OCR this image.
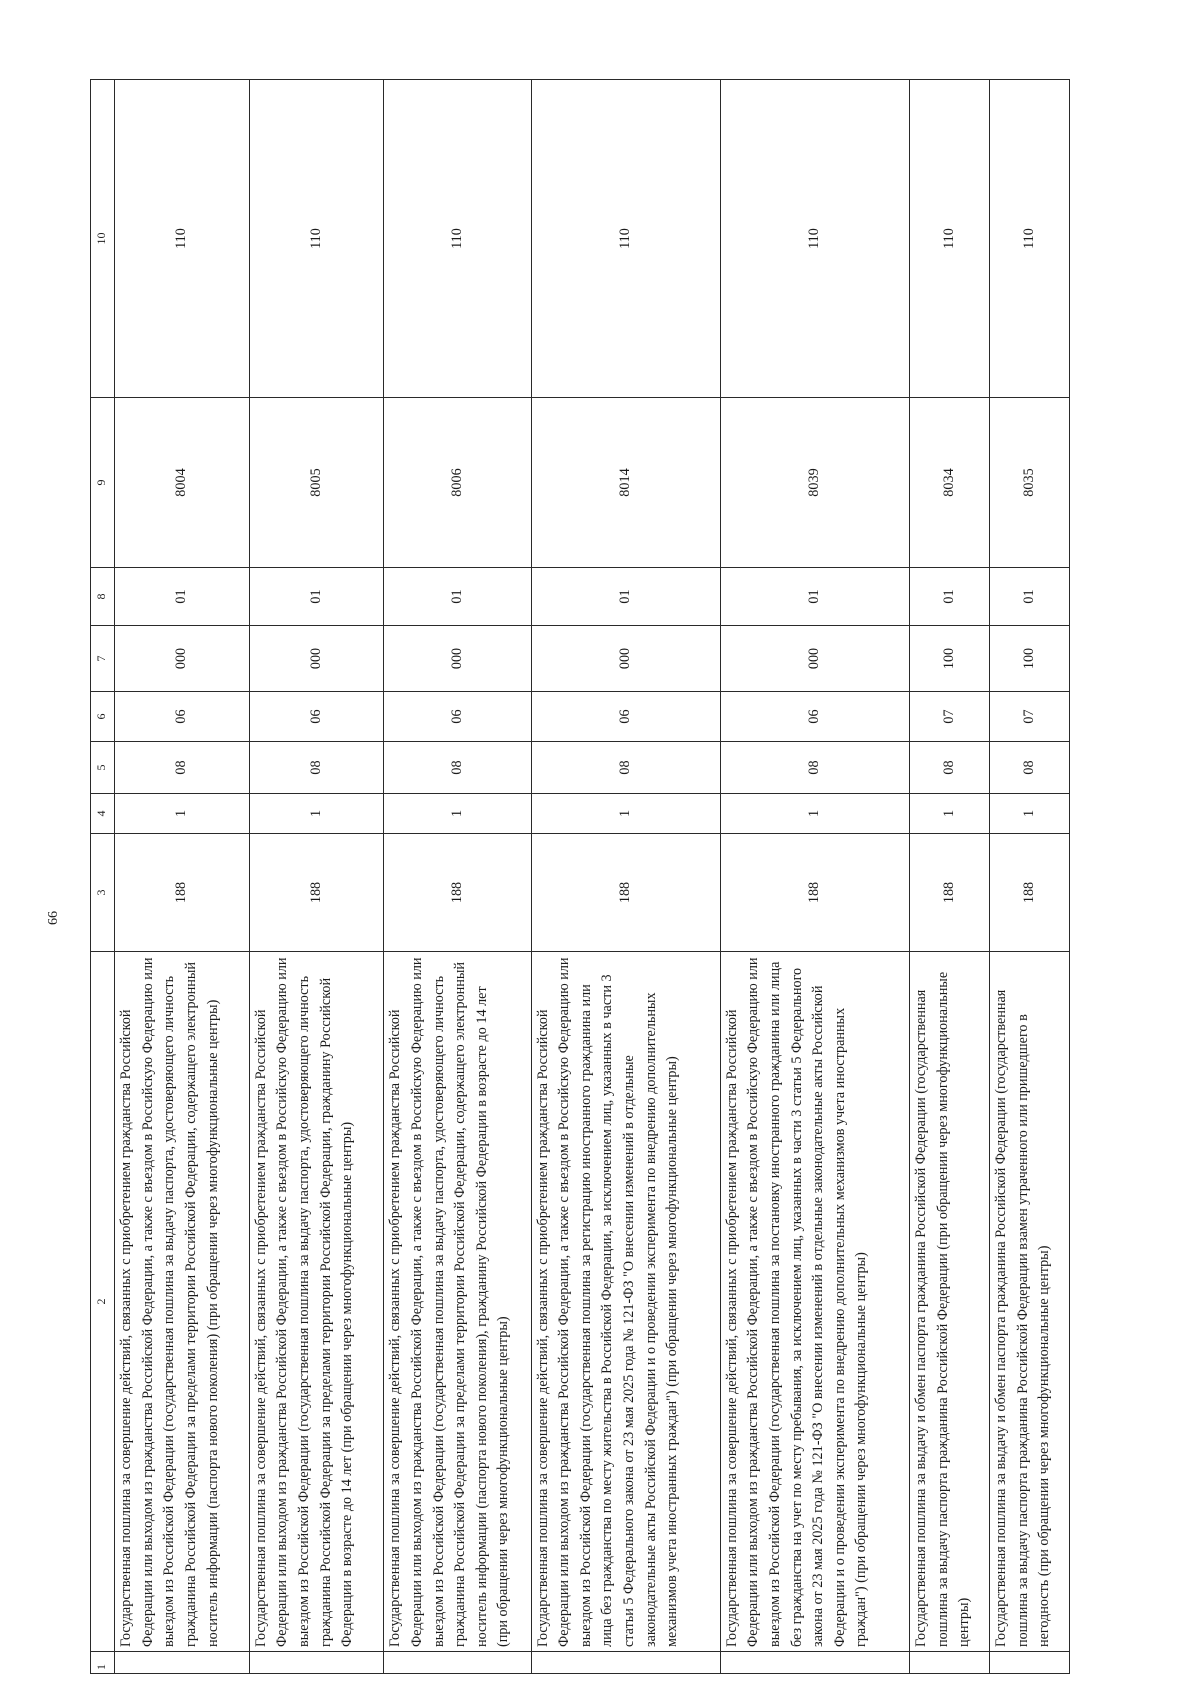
66
1	2	3	4	5	6	7	8	9	10

	Государственная пошлина за совершение действий, связанных с приобретением гражданства Российской Федерации или выходом из гражданства Российской Федерации, а также с въездом в Российскую Федерацию или выездом из Российской Федерации (государственная пошлина за выдачу паспорта, удостоверяющего личность гражданина Российской Федерации за пределами территории Российской Федерации, содержащего электронный носитель информации (паспорта нового поколения) (при обращении через многофункциональные центры)	188	1	08	06	000	01	8004	110

	Государственная пошлина за совершение действий, связанных с приобретением гражданства Российской Федерации или выходом из гражданства Российской Федерации, а также с въездом в Российскую Федерацию или выездом из Российской Федерации (государственная пошлина за выдачу паспорта, удостоверяющего личность гражданина Российской Федерации за пределами территории Российской Федерации, гражданину Российской Федерации в возрасте до 14 лет (при обращении через многофункциональные центры)	188	1	08	06	000	01	8005	110

	Государственная пошлина за совершение действий, связанных с приобретением гражданства Российской Федерации или выходом из гражданства Российской Федерации, а также с въездом в Российскую Федерацию или выездом из Российской Федерации (государственная пошлина за выдачу паспорта, удостоверяющего личность гражданина Российской Федерации за пределами территории Российской Федерации, содержащего электронный носитель информации (паспорта нового поколения), гражданину Российской Федерации в возрасте до 14 лет (при обращении через многофункциональные центры)	188	1	08	06	000	01	8006	110

	Государственная пошлина за совершение действий, связанных с приобретением гражданства Российской Федерации или выходом из гражданства Российской Федерации, а также с въездом в Российскую Федерацию или выездом из Российской Федерации (государственная пошлина за регистрацию иностранного гражданина или лица без гражданства по месту жительства в Российской Федерации, за исключением лиц, указанных в части 3 статьи 5 Федерального закона от 23 мая 2025 года № 121-ФЗ "О внесении изменений в отдельные законодательные акты Российской Федерации и о проведении эксперимента по внедрению дополнительных механизмов учета иностранных граждан") (при обращении через многофункциональные центры)	188	1	08	06	000	01	8014	110

	Государственная пошлина за совершение действий, связанных с приобретением гражданства Российской Федерации или выходом из гражданства Российской Федерации, а также с въездом в Российскую Федерацию или выездом из Российской Федерации (государственная пошлина за постановку иностранного гражданина или лица без гражданства на учет по месту пребывания, за исключением лиц, указанных в части 3 статьи 5 Федерального закона от 23 мая 2025 года № 121-ФЗ "О внесении изменений в отдельные законодательные акты Российской Федерации и о проведении эксперимента по внедрению дополнительных механизмов учета иностранных граждан") (при обращении через многофункциональные центры)	188	1	08	06	000	01	8039	110

	Государственная пошлина за выдачу и обмен паспорта гражданина Российской Федерации (государственная пошлина за выдачу паспорта гражданина Российской Федерации (при обращении через многофункциональные центры)	188	1	08	07	100	01	8034	110

	Государственная пошлина за выдачу и обмен паспорта гражданина Российской Федерации (государственная пошлина за выдачу паспорта гражданина Российской Федерации взамен утраченного или пришедшего в негодность (при обращении через многофункциональные центры)	188	1	08	07	100	01	8035	110
